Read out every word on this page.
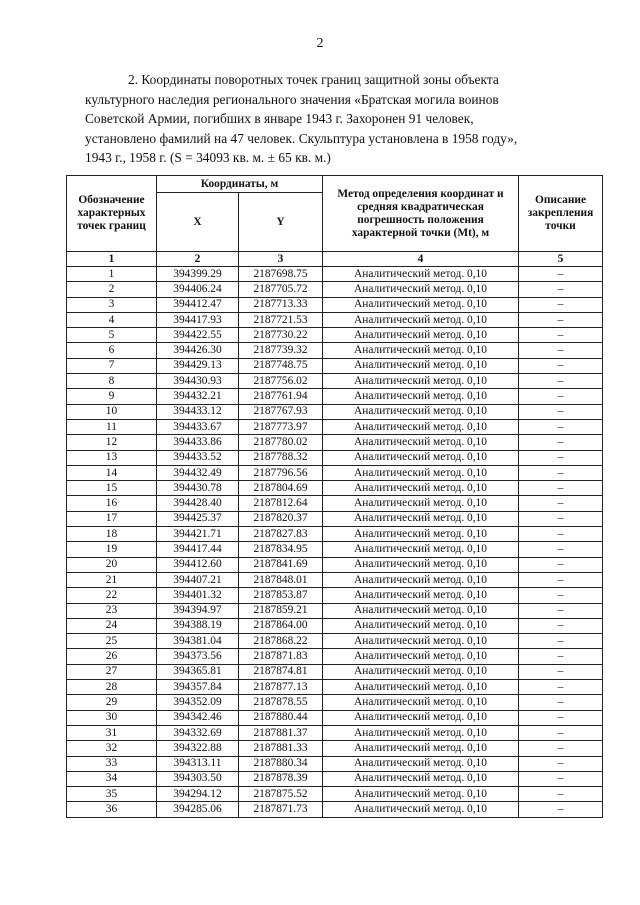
2

2. Координаты поворотных точек границ защитной зоны объекта
культурного наследия регионального значения «Братская могила воинов
Советской Армии, погибших в январе 1943 г. Захоронен 91 человек,
установлено фамилий на 47 человек. Скульптура установлена в 1958 году»,
1943 г., 1958 г. (S = 34093 кв. м. ± 65 кв. м.)

Обозначение характерных точек границ	Координаты, м		Метод определения координат и средняя квадратическая погрешность положения характерной точки (Mt), м	Описание закрепления точки
	X	Y		
1	2	3	4	5
1	394399.29	2187698.75	Аналитический метод. 0,10	–
2	394406.24	2187705.72	Аналитический метод. 0,10	–
3	394412.47	2187713.33	Аналитический метод. 0,10	–
4	394417.93	2187721.53	Аналитический метод. 0,10	–
5	394422.55	2187730.22	Аналитический метод. 0,10	–
6	394426.30	2187739.32	Аналитический метод. 0,10	–
7	394429.13	2187748.75	Аналитический метод. 0,10	–
8	394430.93	2187756.02	Аналитический метод. 0,10	–
9	394432.21	2187761.94	Аналитический метод. 0,10	–
10	394433.12	2187767.93	Аналитический метод. 0,10	–
11	394433.67	2187773.97	Аналитический метод. 0,10	–
12	394433.86	2187780.02	Аналитический метод. 0,10	–
13	394433.52	2187788.32	Аналитический метод. 0,10	–
14	394432.49	2187796.56	Аналитический метод. 0,10	–
15	394430.78	2187804.69	Аналитический метод. 0,10	–
16	394428.40	2187812.64	Аналитический метод. 0,10	–
17	394425.37	2187820.37	Аналитический метод. 0,10	–
18	394421.71	2187827.83	Аналитический метод. 0,10	–
19	394417.44	2187834.95	Аналитический метод. 0,10	–
20	394412.60	2187841.69	Аналитический метод. 0,10	–
21	394407.21	2187848.01	Аналитический метод. 0,10	–
22	394401.32	2187853.87	Аналитический метод. 0,10	–
23	394394.97	2187859.21	Аналитический метод. 0,10	–
24	394388.19	2187864.00	Аналитический метод. 0,10	–
25	394381.04	2187868.22	Аналитический метод. 0,10	–
26	394373.56	2187871.83	Аналитический метод. 0,10	–
27	394365.81	2187874.81	Аналитический метод. 0,10	–
28	394357.84	2187877.13	Аналитический метод. 0,10	–
29	394352.09	2187878.55	Аналитический метод. 0,10	–
30	394342.46	2187880.44	Аналитический метод. 0,10	–
31	394332.69	2187881.37	Аналитический метод. 0,10	–
32	394322.88	2187881.33	Аналитический метод. 0,10	–
33	394313.11	2187880.34	Аналитический метод. 0,10	–
34	394303.50	2187878.39	Аналитический метод. 0,10	–
35	394294.12	2187875.52	Аналитический метод. 0,10	–
36	394285.06	2187871.73	Аналитический метод. 0,10	–
